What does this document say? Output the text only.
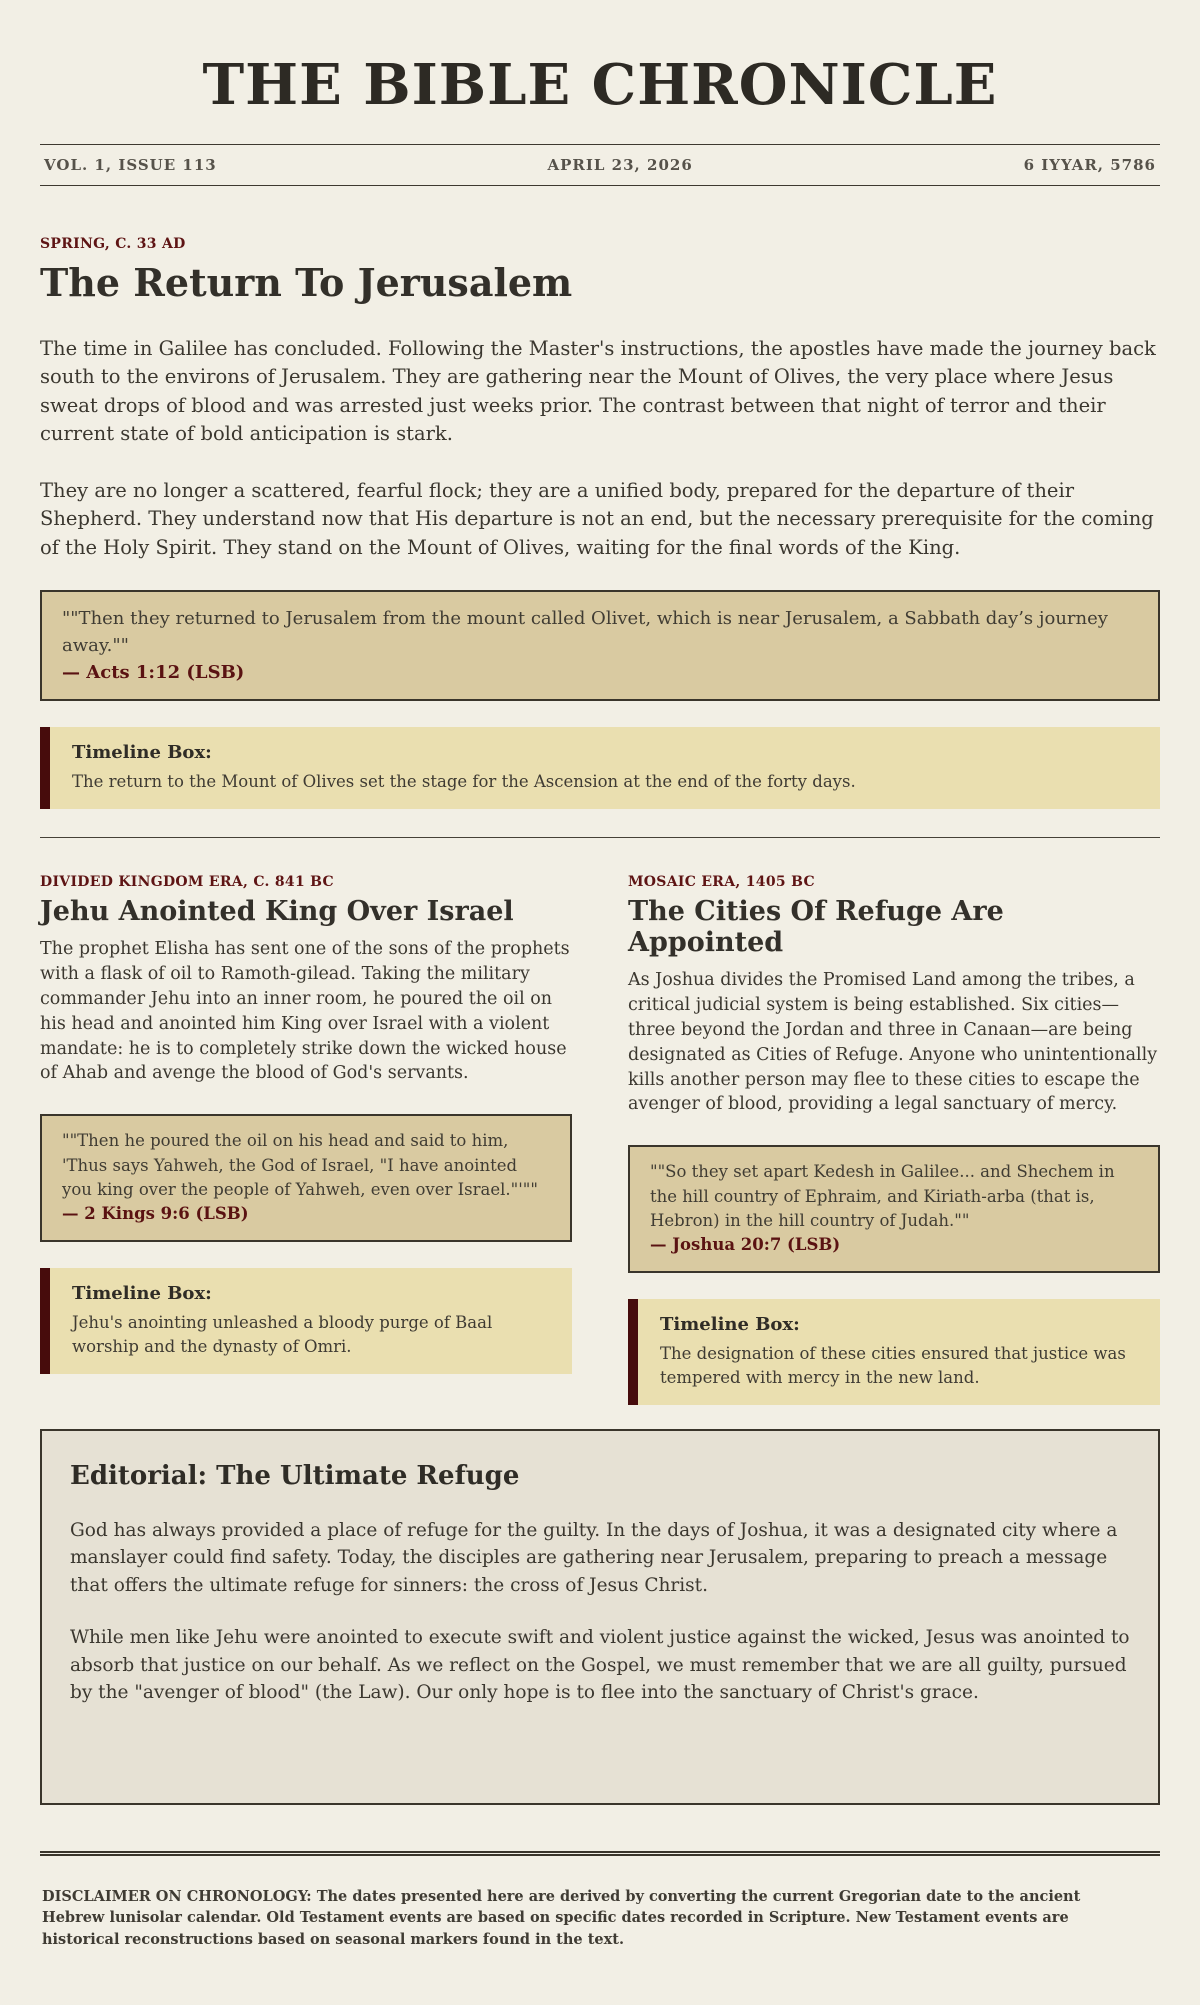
THE BIBLE CHRONICLE
VOL. 1, ISSUE 113	APRIL 23, 2026	6 IYYAR, 5786
SPRING, C. 33 AD
The Return To Jerusalem

The time in Galilee has concluded. Following the Master's instructions, the apostles have made the journey back south to the environs of Jerusalem. They are gathering near the Mount of Olives, the very place where Jesus sweat drops of blood and was arrested just weeks prior. The contrast between that night of terror and their current state of bold anticipation is stark.

They are no longer a scattered, fearful flock; they are a unified body, prepared for the departure of their Shepherd. They understand now that His departure is not an end, but the necessary prerequisite for the coming of the Holy Spirit. They stand on the Mount of Olives, waiting for the final words of the King.

""Then they returned to Jerusalem from the mount called Olivet, which is near Jerusalem, a Sabbath day’s journey away.""
— Acts 1:12 (LSB)
Timeline Box:
The return to the Mount of Olives set the stage for the Ascension at the end of the forty days.
DIVIDED KINGDOM ERA, C. 841 BC
Jehu Anointed King Over Israel

The prophet Elisha has sent one of the sons of the prophets with a flask of oil to Ramoth-gilead. Taking the military commander Jehu into an inner room, he poured the oil on his head and anointed him King over Israel with a violent mandate: he is to completely strike down the wicked house of Ahab and avenge the blood of God's servants.

""Then he poured the oil on his head and said to him, 'Thus says Yahweh, the God of Israel, "I have anointed you king over the people of Yahweh, even over Israel."'""
— 2 Kings 9:6 (LSB)
Timeline Box:
Jehu's anointing unleashed a bloody purge of Baal worship and the dynasty of Omri.
MOSAIC ERA, 1405 BC
The Cities Of Refuge Are Appointed

As Joshua divides the Promised Land among the tribes, a critical judicial system is being established. Six cities—three beyond the Jordan and three in Canaan—are being designated as Cities of Refuge. Anyone who unintentionally kills another person may flee to these cities to escape the avenger of blood, providing a legal sanctuary of mercy.

""So they set apart Kedesh in Galilee... and Shechem in the hill country of Ephraim, and Kiriath-arba (that is, Hebron) in the hill country of Judah.""
— Joshua 20:7 (LSB)
Timeline Box:
The designation of these cities ensured that justice was tempered with mercy in the new land.
Editorial: The Ultimate Refuge

God has always provided a place of refuge for the guilty. In the days of Joshua, it was a designated city where a manslayer could find safety. Today, the disciples are gathering near Jerusalem, preparing to preach a message that offers the ultimate refuge for sinners: the cross of Jesus Christ.

While men like Jehu were anointed to execute swift and violent justice against the wicked, Jesus was anointed to absorb that justice on our behalf. As we reflect on the Gospel, we must remember that we are all guilty, pursued by the "avenger of blood" (the Law). Our only hope is to flee into the sanctuary of Christ's grace.

DISCLAIMER ON CHRONOLOGY: The dates presented here are derived by converting the current Gregorian date to the ancient Hebrew lunisolar calendar. Old Testament events are based on specific dates recorded in Scripture. New Testament events are historical reconstructions based on seasonal markers found in the text.
